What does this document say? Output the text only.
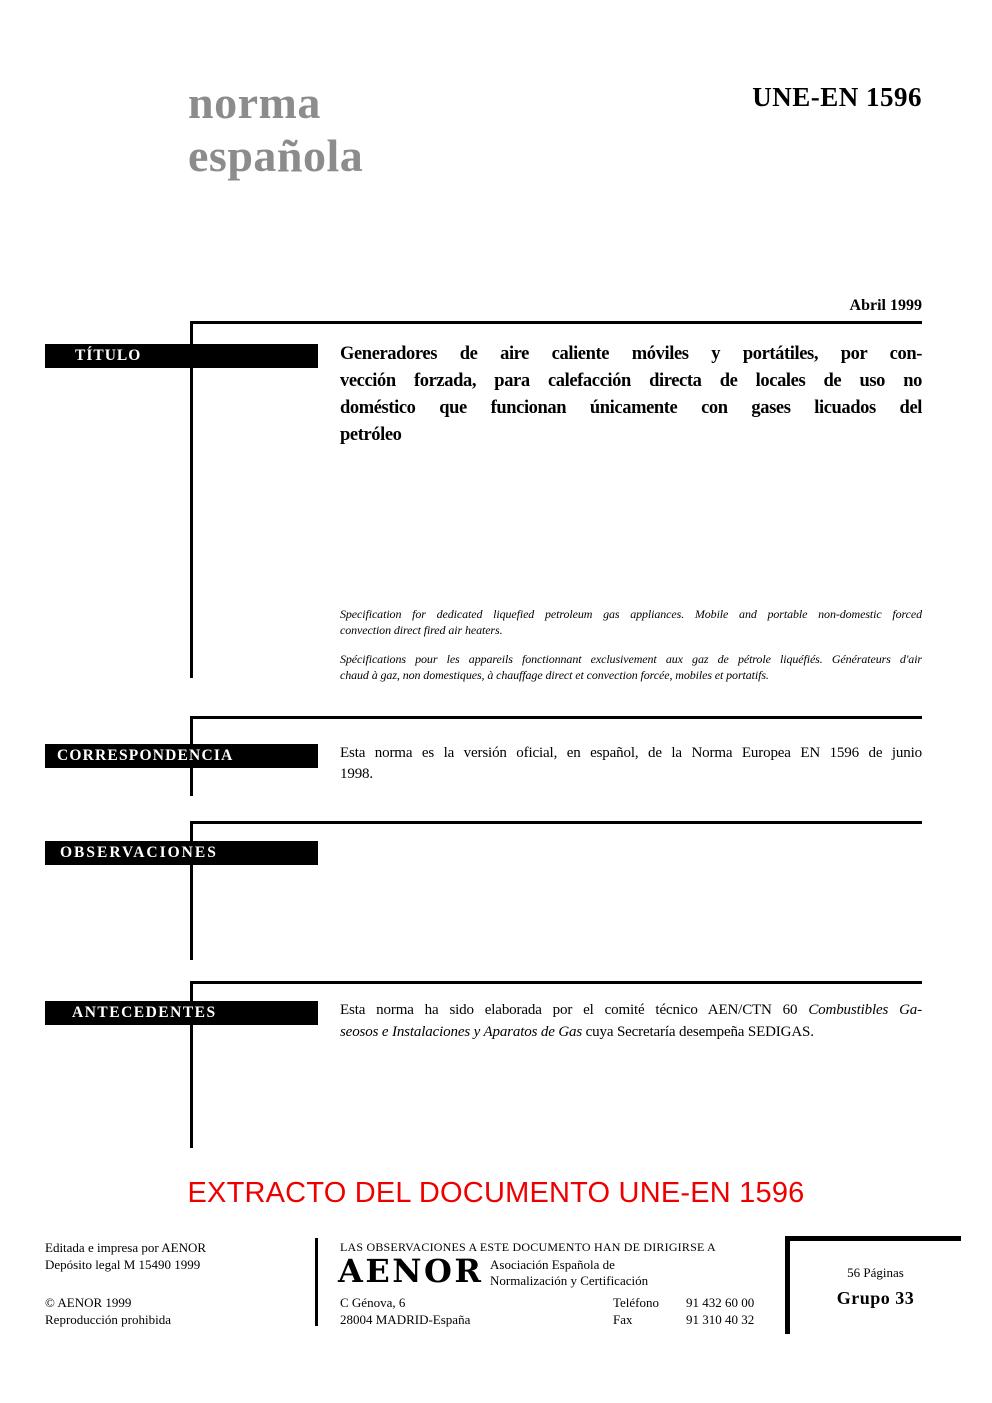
norma
española
UNE-EN 1596
Abril 1999
TÍTULO	Generadores de aire caliente móviles y portátiles, por con-
vección forzada, para calefacción directa de locales de uso no
doméstico que funcionan únicamente con gases licuados del
petróleo
Specification for dedicated liquefied petroleum gas appliances. Mobile and portable non-domestic forced
convection direct fired air heaters.
Spécifications pour les appareils fonctionnant exclusivement aux gaz de pétrole liquéfiés. Générateurs d'air
chaud à gaz, non domestiques, à chauffage direct et convection forcée, mobiles et portatifs.
CORRESPONDENCIA	Esta norma es la versión oficial, en español, de la Norma Europea EN 1596 de junio
1998.
OBSERVACIONES
ANTECEDENTES	Esta norma ha sido elaborada por el comité técnico AEN/CTN 60 Combustibles Ga-
seosos e Instalaciones y Aparatos de Gas cuya Secretaría desempeña SEDIGAS.
EXTRACTO DEL DOCUMENTO UNE-EN 1596
Editada e impresa por AENOR
Depósito legal M 15490 1999
© AENOR 1999
Reproducción prohibida
LAS OBSERVACIONES A ESTE DOCUMENTO HAN DE DIRIGIRSE A
AENOR Asociación Española de
Normalización y Certificación
C Génova, 6
28004 MADRID-España
Teléfono 91 432 60 00
Fax	91 310 40 32
56 Páginas
Grupo 33
